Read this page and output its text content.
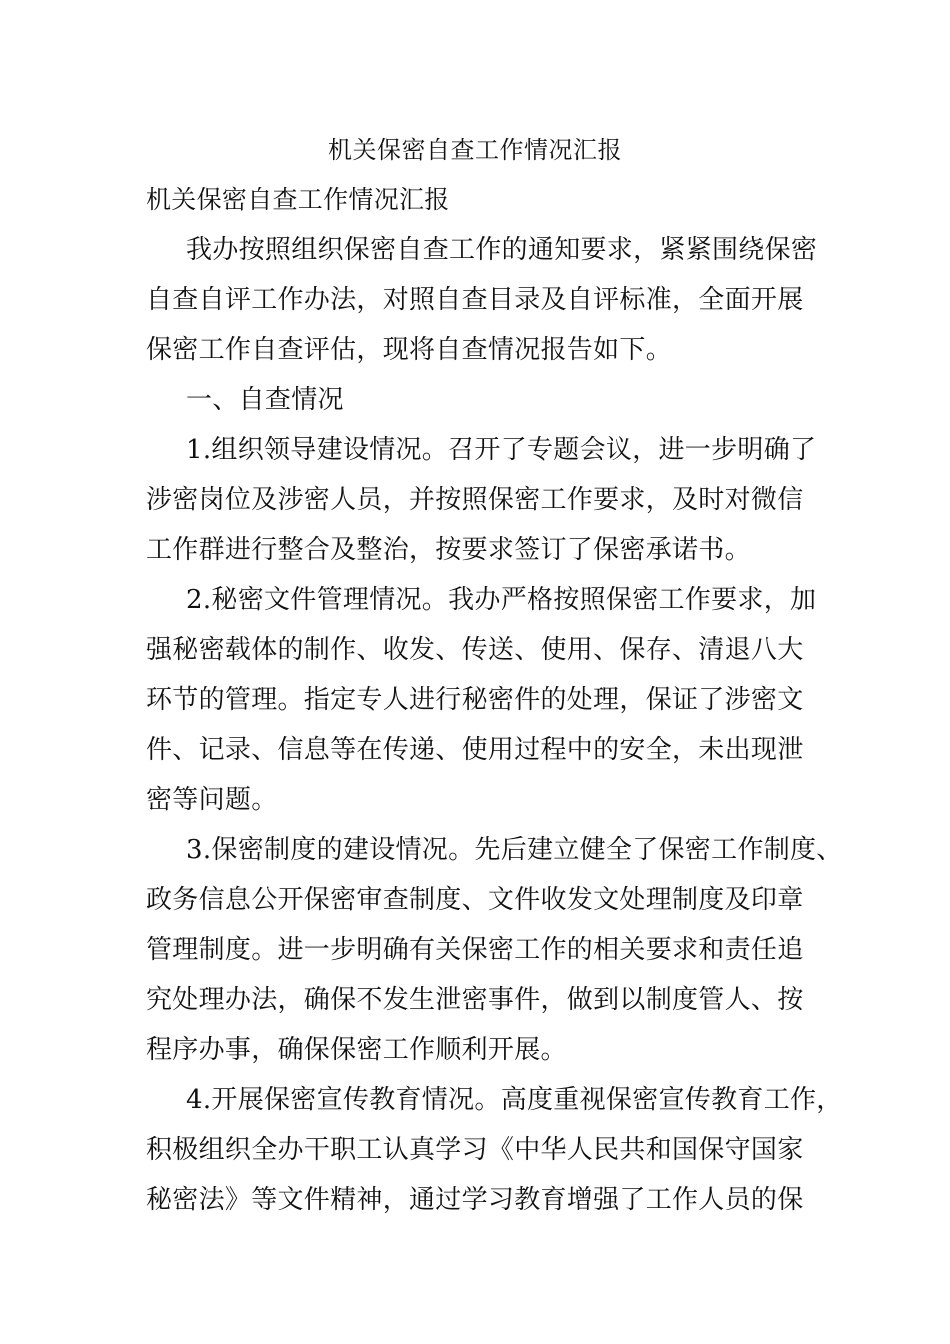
机关保密自查工作情况汇报
机关保密自查工作情况汇报
我办按照组织保密自查工作的通知要求，紧紧围绕保密
自查自评工作办法，对照自查目录及自评标准，全面开展
保密工作自查评估，现将自查情况报告如下。
一、自查情况
1.组织领导建设情况。召开了专题会议，进一步明确了
涉密岗位及涉密人员，并按照保密工作要求，及时对微信
工作群进行整合及整治，按要求签订了保密承诺书。
2.秘密文件管理情况。我办严格按照保密工作要求，加
强秘密载体的制作、收发、传送、使用、保存、清退八大
环节的管理。指定专人进行秘密件的处理，保证了涉密文
件、记录、信息等在传递、使用过程中的安全，未出现泄
密等问题。
3.保密制度的建设情况。先后建立健全了保密工作制度、
政务信息公开保密审查制度、文件收发文处理制度及印章
管理制度。进一步明确有关保密工作的相关要求和责任追
究处理办法，确保不发生泄密事件，做到以制度管人、按
程序办事，确保保密工作顺利开展。
4.开展保密宣传教育情况。高度重视保密宣传教育工作，
积极组织全办干职工认真学习《中华人民共和国保守国家
秘密法》等文件精神，通过学习教育增强了工作人员的保
